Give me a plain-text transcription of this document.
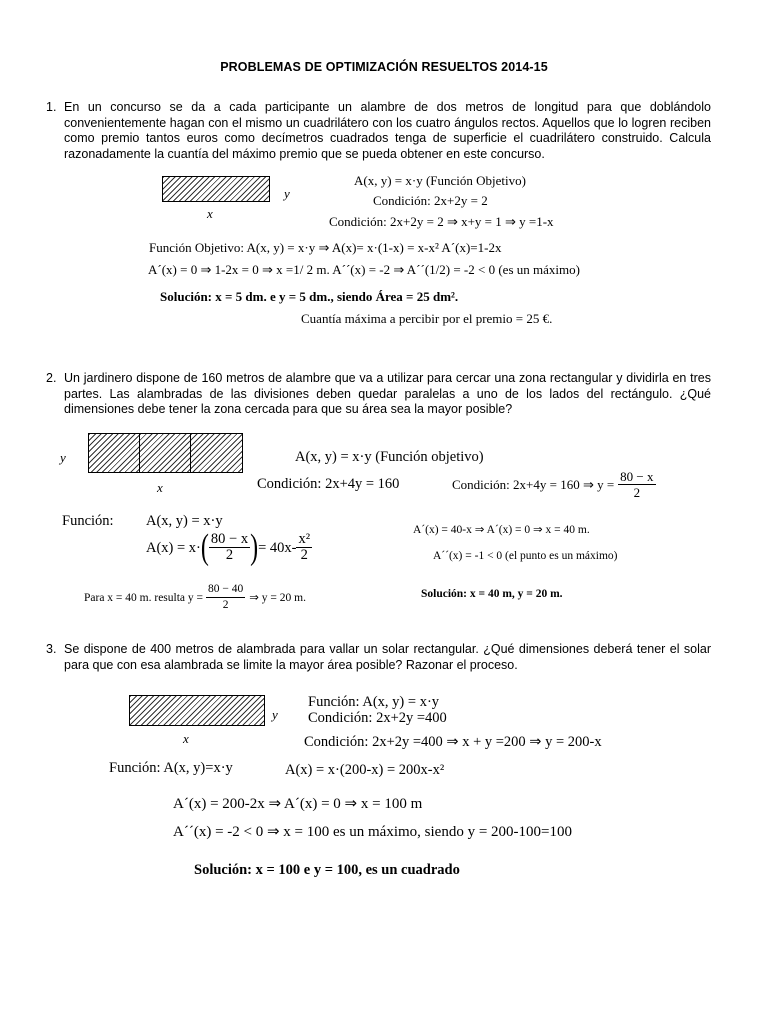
PROBLEMAS DE OPTIMIZACIÓN RESUELTOS 2014-15
1. En un concurso se da a cada participante un alambre de dos metros de longitud para que doblándolo convenientemente hagan con el mismo un cuadrilátero con los cuatro ángulos rectos. Aquellos que lo logren reciben como premio tantos euros como decímetros cuadrados tenga de superficie el cuadrilátero construido. Calcula razonadamente la cuantía del máximo premio que se pueda obtener en este concurso.
y
x
A(x, y) = x·y (Función Objetivo)
Condición: 2x+2y = 2
Condición: 2x+2y = 2 ⇒ x+y = 1 ⇒ y =1-x
Función Objetivo: A(x, y) = x·y ⇒ A(x)= x·(1-x) = x-x² A´(x)=1-2x
A´(x) = 0 ⇒ 1-2x = 0 ⇒ x =1/ 2 m. A´´(x) = -2 ⇒ A´´(1/2) = -2 < 0 (es un máximo)
Solución: x = 5 dm. e y = 5 dm., siendo Área = 25 dm².
Cuantía máxima a percibir por el premio = 25 €.
2. Un jardinero dispone de 160 metros de alambre que va a utilizar para cercar una zona rectangular y dividirla en tres partes. Las alambradas de las divisiones deben quedar paralelas a uno de los lados del rectángulo. ¿Qué dimensiones debe tener la zona cercada para que su área sea la mayor posible?
y
x
A(x, y) = x·y (Función objetivo)
Condición: 2x+4y = 160	Condición: 2x+4y = 160 ⇒ $y = \frac{80 - x}{2}$
Función: A(x, y) = x·y
A(x) = x· ( $\frac{80 - x}{2}$ ) = $40x- \frac{\text{x²}}{2}$
A´(x) = 40-x ⇒ A´(x) = 0 ⇒ x = 40 m.
A´´(x) = -1 < 0 (el punto es un máximo)
Para x = 40 m. resulta $y = \frac{80 - 40}{2}$ ⇒ y = 20 m.	Solución: x = 40 m, y = 20 m.
3. Se dispone de 400 metros de alambrada para vallar un solar rectangular. ¿Qué dimensiones deberá tener el solar para que con esa alambrada se limite la mayor área posible? Razonar el proceso.
y
x
Función: A(x, y) = x·y
Condición: 2x+2y =400
Condición: 2x+2y =400 ⇒ x + y =200 ⇒ y = 200-x
Función: A(x, y)=x·y	A(x) = x·(200-x) = 200x-x²
A´(x) = 200-2x ⇒ A´(x) = 0 ⇒ x = 100 m
A´´(x) = -2 < 0 ⇒ x = 100 es un máximo, siendo y = 200-100=100
Solución: x = 100 e y = 100, es un cuadrado
